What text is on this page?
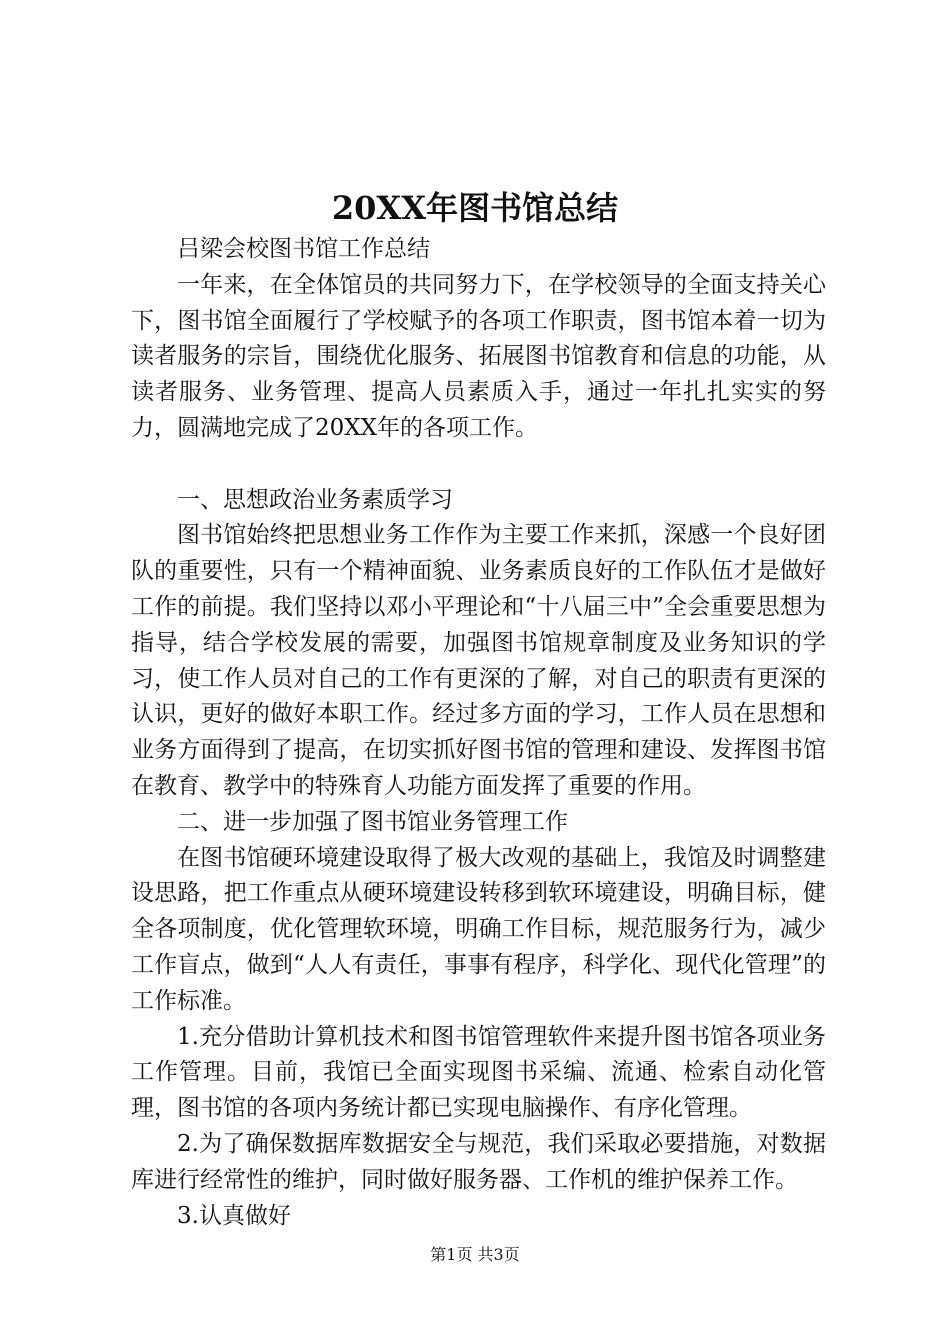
20XX年图书馆总结

吕梁会校图书馆工作总结

一年来，在全体馆员的共同努力下，在学校领导的全面支持关心下，图书馆全面履行了学校赋予的各项工作职责，图书馆本着一切为读者服务的宗旨，围绕优化服务、拓展图书馆教育和信息的功能，从读者服务、业务管理、提高人员素质入手，通过一年扎扎实实的努力，圆满地完成了20XX年的各项工作。

一、思想政治业务素质学习

图书馆始终把思想业务工作作为主要工作来抓，深感一个良好团队的重要性，只有一个精神面貌、业务素质良好的工作队伍才是做好工作的前提。我们坚持以邓小平理论和“十八届三中”全会重要思想为指导，结合学校发展的需要，加强图书馆规章制度及业务知识的学习，使工作人员对自己的工作有更深的了解，对自己的职责有更深的认识，更好的做好本职工作。经过多方面的学习，工作人员在思想和业务方面得到了提高，在切实抓好图书馆的管理和建设、发挥图书馆在教育、教学中的特殊育人功能方面发挥了重要的作用。

二、进一步加强了图书馆业务管理工作

在图书馆硬环境建设取得了极大改观的基础上，我馆及时调整建设思路，把工作重点从硬环境建设转移到软环境建设，明确目标，健全各项制度，优化管理软环境，明确工作目标，规范服务行为，减少工作盲点，做到“人人有责任，事事有程序，科学化、现代化管理”的工作标准。

1.充分借助计算机技术和图书馆管理软件来提升图书馆各项业务工作管理。目前，我馆已全面实现图书采编、流通、检索自动化管理，图书馆的各项内务统计都已实现电脑操作、有序化管理。

2.为了确保数据库数据安全与规范，我们采取必要措施，对数据库进行经常性的维护，同时做好服务器、工作机的维护保养工作。

3.认真做好

第1页 共3页
